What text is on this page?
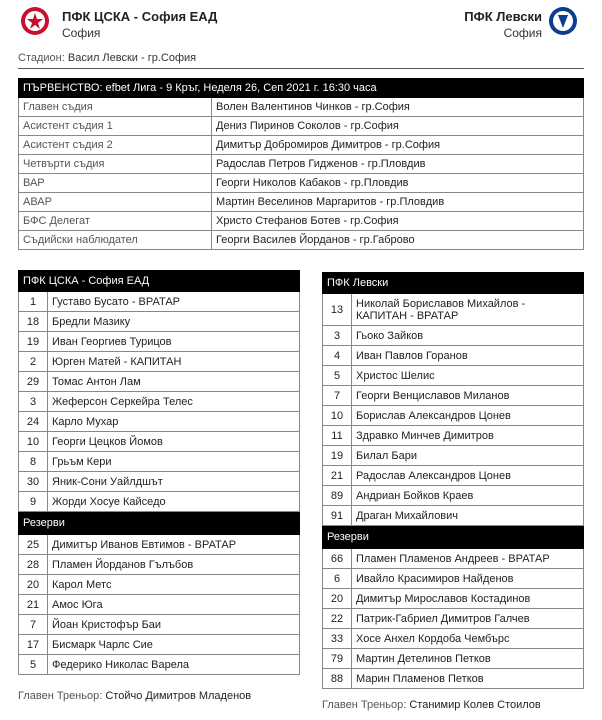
ПФК ЦСКА - София ЕАД
София
ПФК Левски
София
Стадион: Васил Левски - гр.София
ПЪРВЕНСТВО: efbet Лига - 9 Кръг, Неделя 26, Сеп 2021 г. 16:30 часа	
Главен съдия	Волен Валентинов Чинков - гр.София
Асистент съдия 1	Дениз Пиринов Соколов - гр.София
Асистент съдия 2	Димитър Добромиров Димитров - гр.София
Четвърти съдия	Радослав Петров Гидженов - гр.Пловдив
ВАР	Георги Николов Кабаков - гр.Пловдив
АВАР	Мартин Веселинов Маргаритов - гр.Пловдив
БФС Делегат	Христо Стефанов Ботев - гр.София
Съдийски наблюдател	Георги Василев Йорданов - гр.Габрово
ПФК ЦСКА - София ЕАД	
1	Густаво Бусато - ВРАТАР
18	Бредли Мазику
19	Иван Георгиев Турицов
2	Юрген Матей - КАПИТАН
29	Томас Антон Лам
3	Жеферсон Серкейра Телес
24	Карло Мухар
10	Георги Цецков Йомов
8	Грьъм Кери
30	Яник-Сони Уайлдшът
9	Жорди Хосуе Кайседо
Резерви	
25	Димитър Иванов Евтимов - ВРАТАР
28	Пламен Йорданов Гълъбов
20	Карол Метс
21	Амос Юга
7	Йоан Кристофър Баи
17	Бисмарк Чарлс Сие
5	Федерико Николас Варела
Главен Треньор: Стойчо Димитров Младенов
ПФК Левски	
13	Николай Бориславов Михайлов - КАПИТАН - ВРАТАР
3	Гьоко Зайков
4	Иван Павлов Горанов
5	Христос Шелис
7	Георги Венциславов Миланов
10	Борислав Александров Цонев
11	Здравко Минчев Димитров
19	Билал Бари
21	Радослав Александров Цонев
89	Андриан Бойков Краев
91	Драган Михайлович
Резерви	
66	Пламен Пламенов Андреев - ВРАТАР
6	Ивайло Красимиров Найденов
20	Димитър Мирославов Костадинов
22	Патрик-Габриел Димитров Галчев
33	Хосе Анхел Кордоба Чембърс
79	Мартин Детелинов Петков
88	Марин Пламенов Петков
Главен Треньор: Станимир Колев Стоилов
